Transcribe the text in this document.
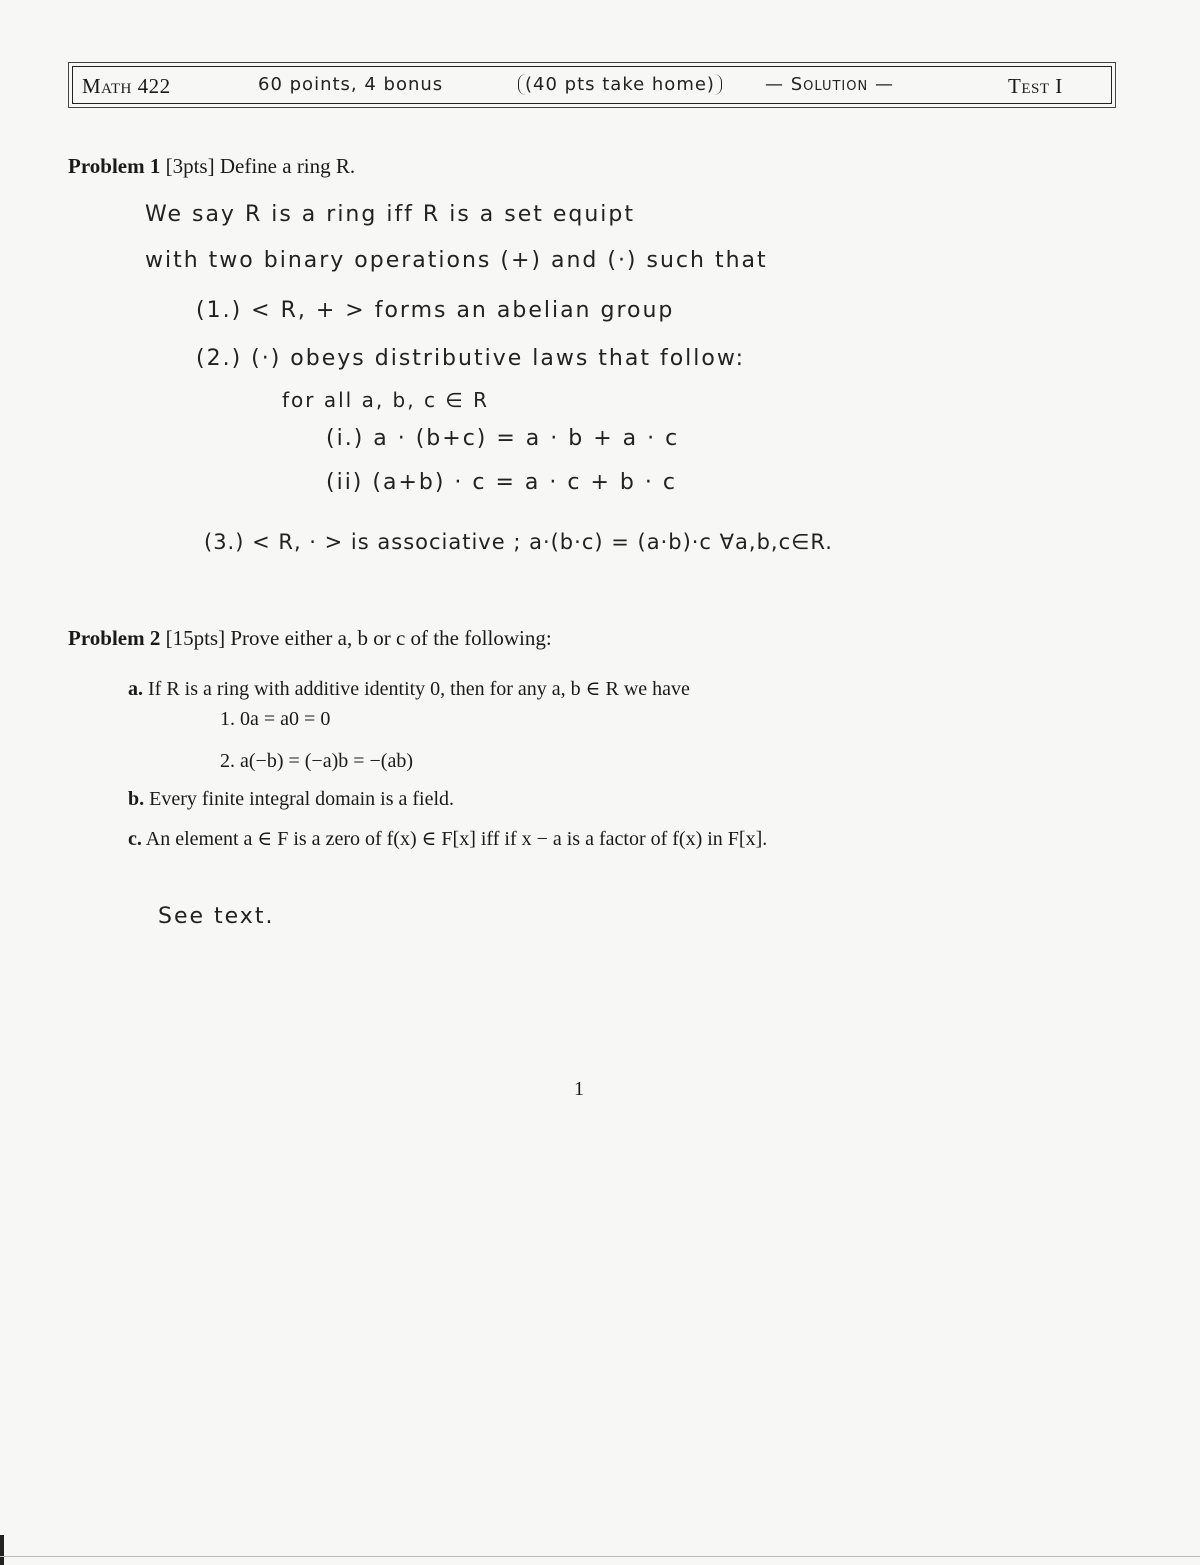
Math 422	60 points, 4 bonus	(40 pts take home)	— Solution —	Test I
Problem 1 [3pts] Define a ring R.
We say R is a ring iff R is a set equipt
with two binary operations (+) and (·) such that
(1.) < R, + > forms an abelian group
(2.) (·) obeys distributive laws that follow:
for all a, b, c ∈ R
(i.) a · (b+c) = a · b + a · c
(ii) (a+b) · c = a · c + b · c
(3.) < R, · > is associative ; a·(b·c) = (a·b)·c ∀a,b,c∈R.
Problem 2 [15pts] Prove either a, b or c of the following:
a. If R is a ring with additive identity 0, then for any a, b ∈ R we have
1. 0a = a0 = 0
2. a(−b) = (−a)b = −(ab)
b. Every finite integral domain is a field.
c. An element a ∈ F is a zero of f(x) ∈ F[x] iff if x − a is a factor of f(x) in F[x].
See text.
1
